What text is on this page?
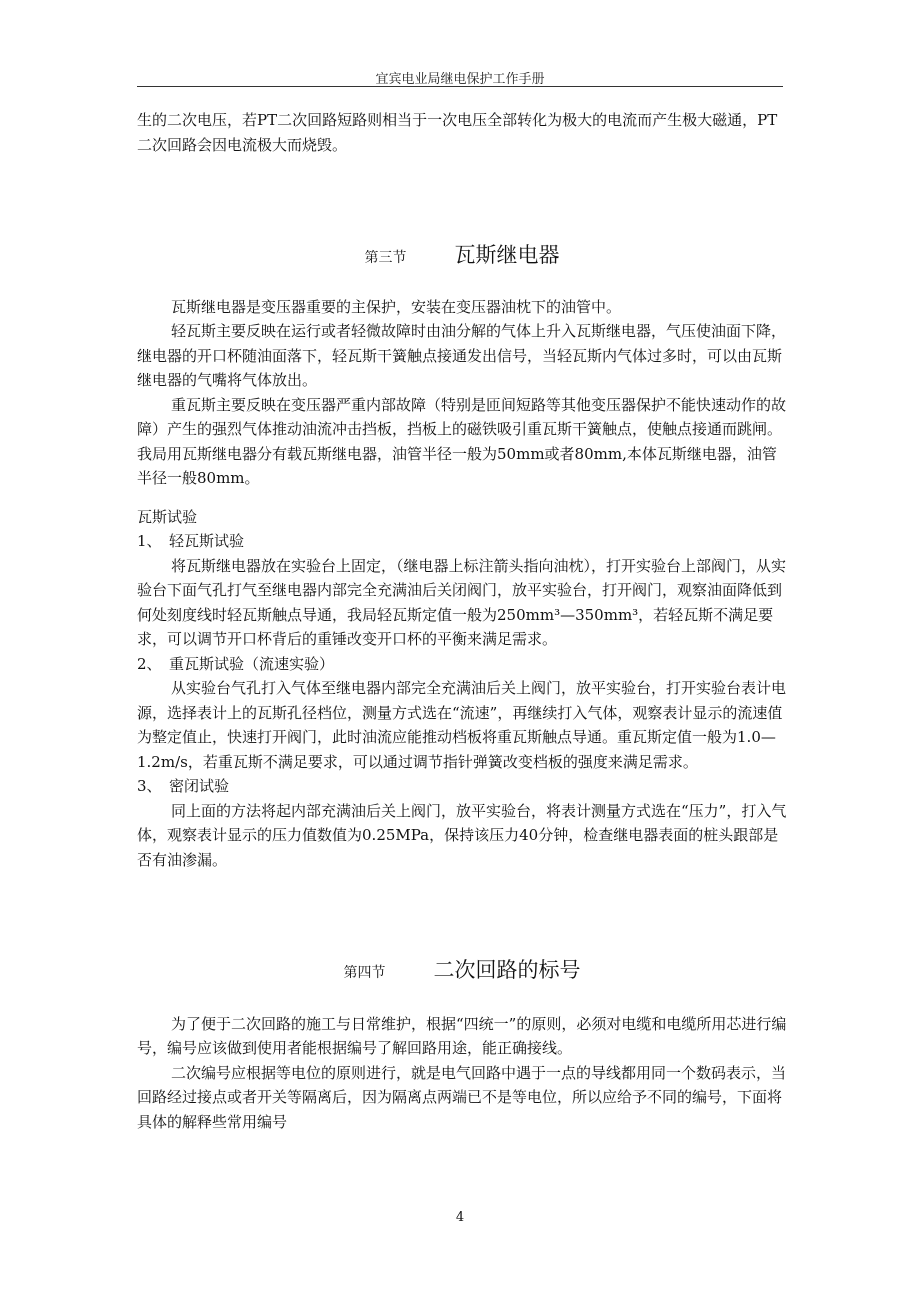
宜宾电业局继电保护工作手册

生的二次电压，若PT二次回路短路则相当于一次电压全部转化为极大的电流而产生极大磁通，PT二次回路会因电流极大而烧毁。

第三节 瓦斯继电器

瓦斯继电器是变压器重要的主保护，安装在变压器油枕下的油管中。

轻瓦斯主要反映在运行或者轻微故障时由油分解的气体上升入瓦斯继电器，气压使油面下降，继电器的开口杯随油面落下，轻瓦斯干簧触点接通发出信号，当轻瓦斯内气体过多时，可以由瓦斯继电器的气嘴将气体放出。

重瓦斯主要反映在变压器严重内部故障（特别是匝间短路等其他变压器保护不能快速动作的故障）产生的强烈气体推动油流冲击挡板，挡板上的磁铁吸引重瓦斯干簧触点，使触点接通而跳闸。我局用瓦斯继电器分有载瓦斯继电器，油管半径一般为50mm或者80mm,本体瓦斯继电器，油管半径一般80mm。

瓦斯试验

1、 轻瓦斯试验

将瓦斯继电器放在实验台上固定，（继电器上标注箭头指向油枕），打开实验台上部阀门，从实验台下面气孔打气至继电器内部完全充满油后关闭阀门，放平实验台，打开阀门，观察油面降低到何处刻度线时轻瓦斯触点导通，我局轻瓦斯定值一般为250mm³—350mm³，若轻瓦斯不满足要求，可以调节开口杯背后的重锤改变开口杯的平衡来满足需求。

2、 重瓦斯试验（流速实验）

从实验台气孔打入气体至继电器内部完全充满油后关上阀门，放平实验台，打开实验台表计电源，选择表计上的瓦斯孔径档位，测量方式选在“流速”，再继续打入气体，观察表计显示的流速值为整定值止，快速打开阀门，此时油流应能推动档板将重瓦斯触点导通。重瓦斯定值一般为1.0—1.2m/s，若重瓦斯不满足要求，可以通过调节指针弹簧改变档板的强度来满足需求。

3、 密闭试验

同上面的方法将起内部充满油后关上阀门，放平实验台，将表计测量方式选在“压力”，打入气体，观察表计显示的压力值数值为0.25MPa，保持该压力40分钟，检查继电器表面的桩头跟部是否有油渗漏。

第四节 二次回路的标号

为了便于二次回路的施工与日常维护，根据“四统一”的原则，必须对电缆和电缆所用芯进行编号，编号应该做到使用者能根据编号了解回路用途，能正确接线。

二次编号应根据等电位的原则进行，就是电气回路中遇于一点的导线都用同一个数码表示，当回路经过接点或者开关等隔离后，因为隔离点两端已不是等电位，所以应给予不同的编号，下面将具体的解释些常用编号

4
